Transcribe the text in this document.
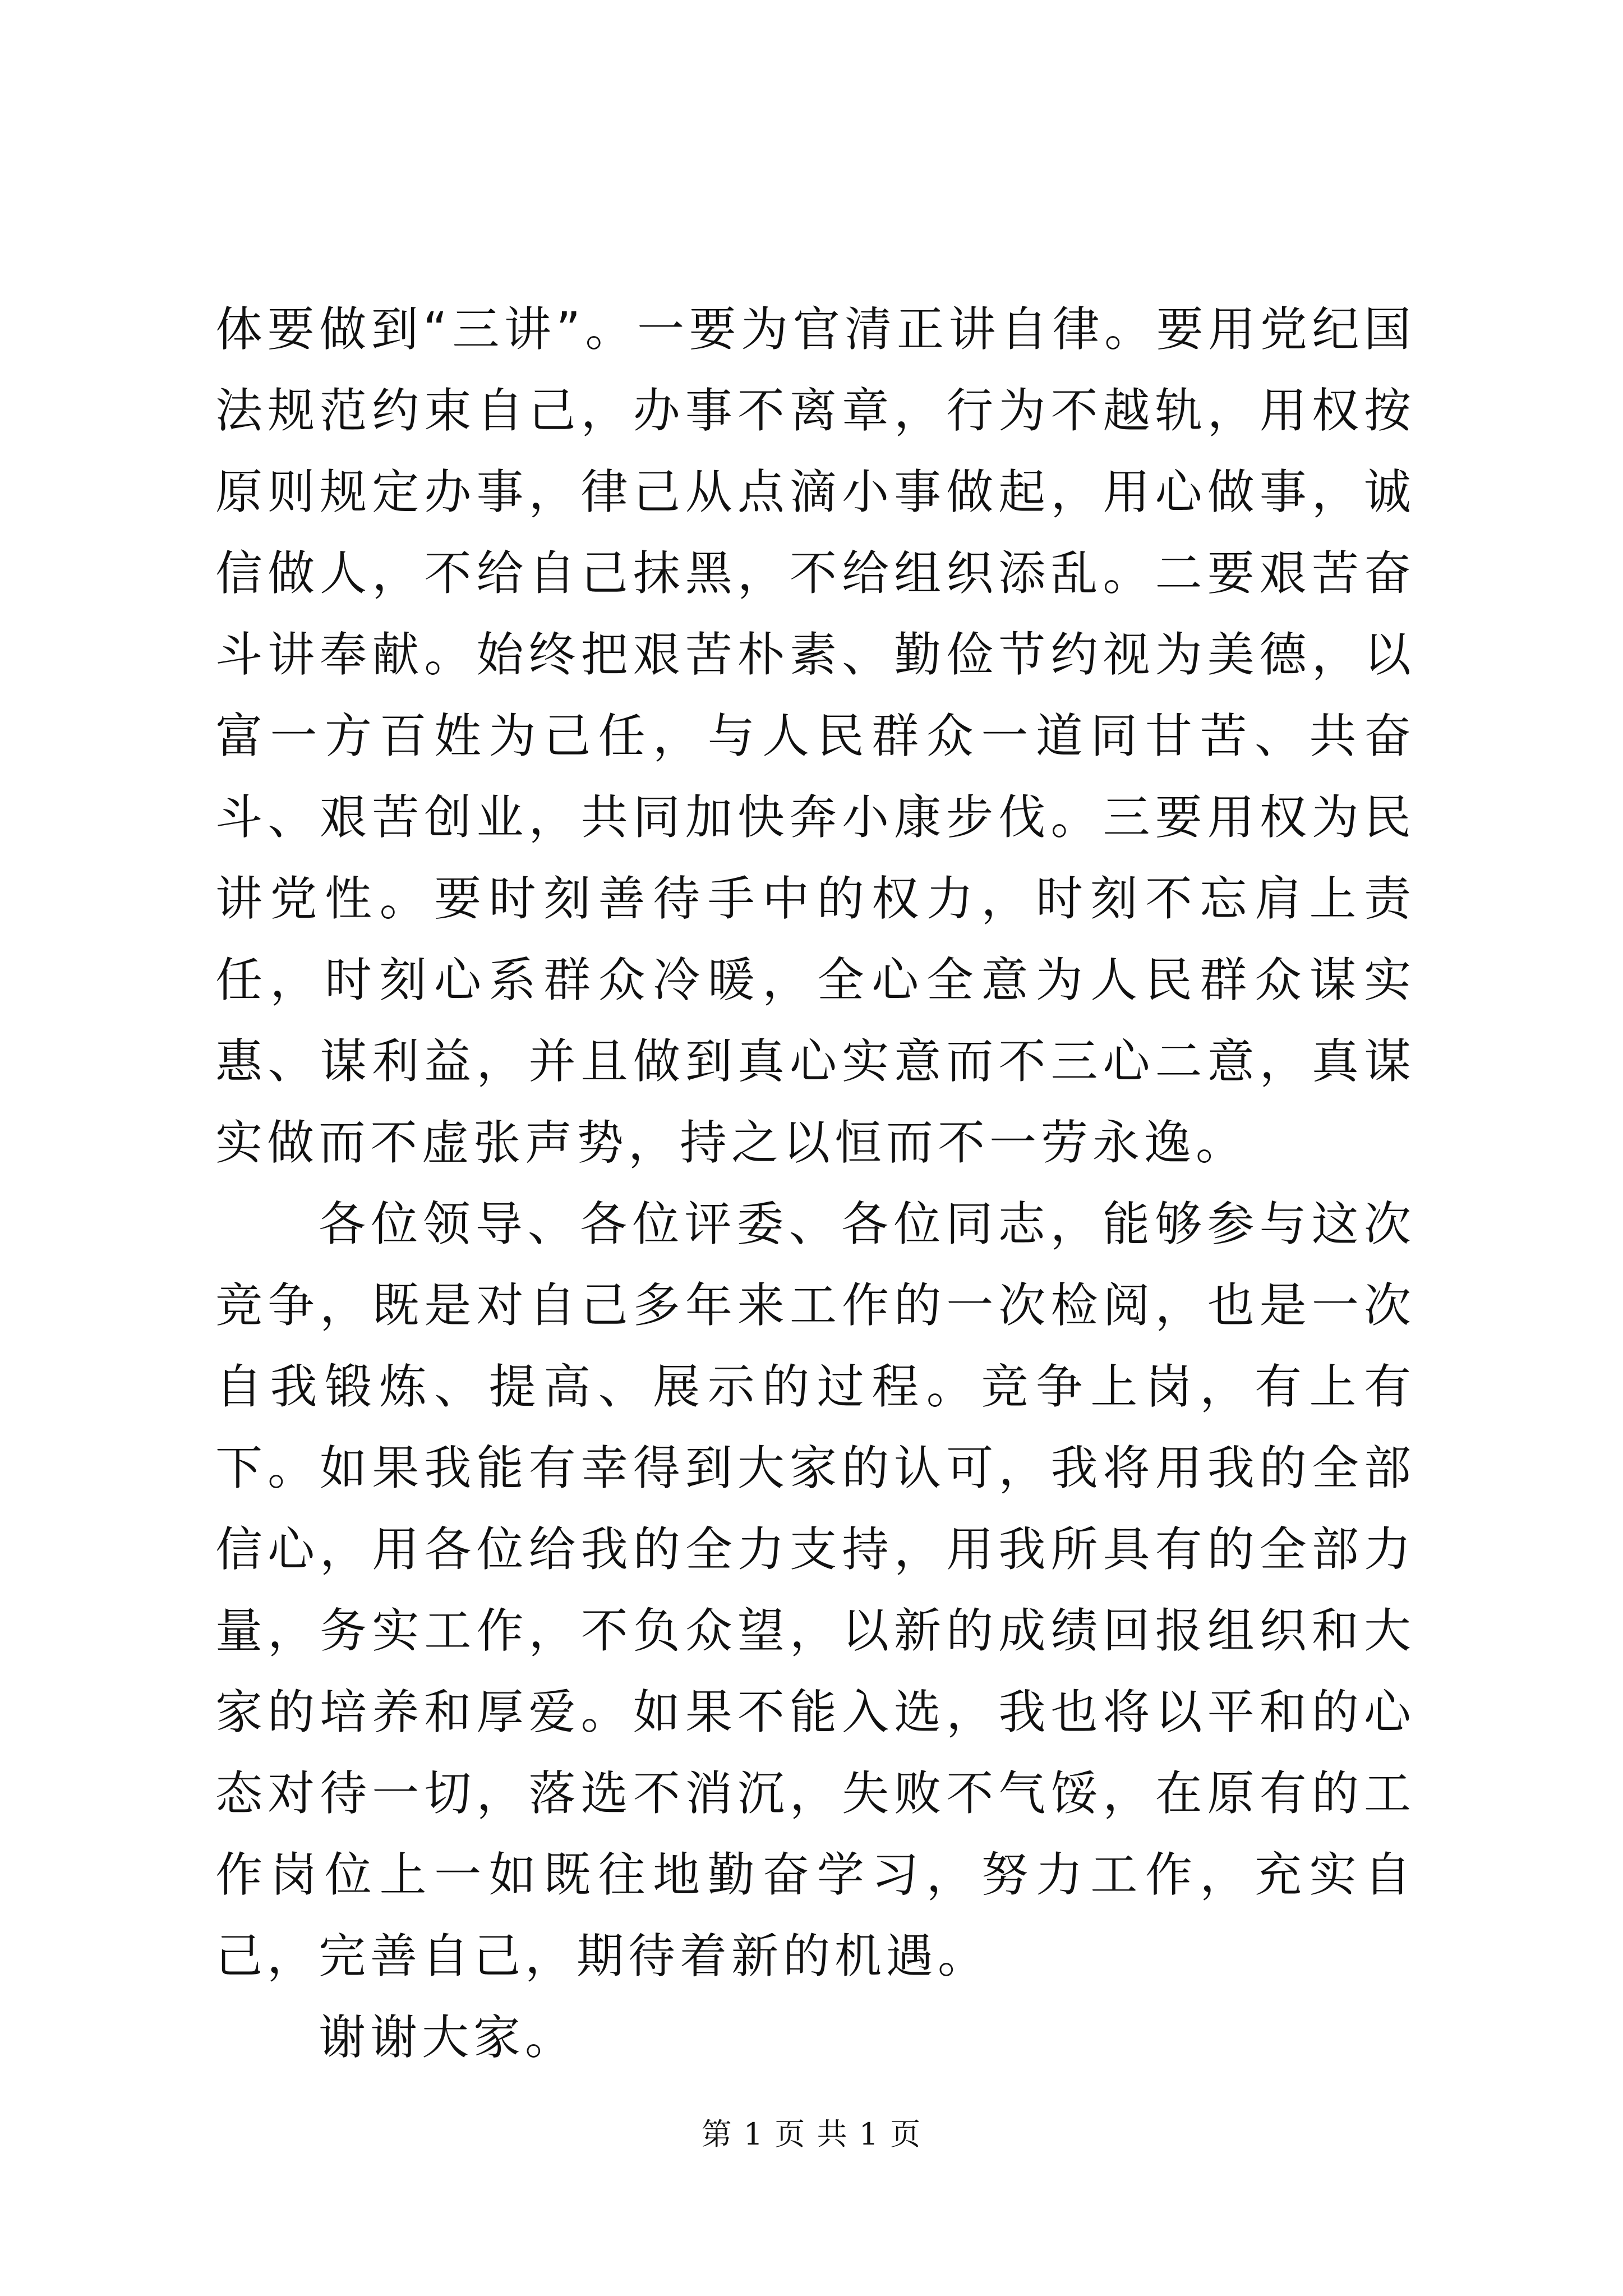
体要做到“三讲”。一要为官清正讲自律。要用党纪国法规范约束自己，办事不离章，行为不越轨，用权按原则规定办事，律己从点滴小事做起，用心做事，诚信做人，不给自己抹黑，不给组织添乱。二要艰苦奋斗讲奉献。始终把艰苦朴素、勤俭节约视为美德，以富一方百姓为己任，与人民群众一道同甘苦、共奋斗、艰苦创业，共同加快奔小康步伐。三要用权为民讲党性。要时刻善待手中的权力，时刻不忘肩上责任，时刻心系群众冷暖，全心全意为人民群众谋实惠、谋利益，并且做到真心实意而不三心二意，真谋实做而不虚张声势，持之以恒而不一劳永逸。

各位领导、各位评委、各位同志，能够参与这次竞争，既是对自己多年来工作的一次检阅，也是一次自我锻炼、提高、展示的过程。竞争上岗，有上有下。如果我能有幸得到大家的认可，我将用我的全部信心，用各位给我的全力支持，用我所具有的全部力量，务实工作，不负众望，以新的成绩回报组织和大家的培养和厚爱。如果不能入选，我也将以平和的心态对待一切，落选不消沉，失败不气馁，在原有的工作岗位上一如既往地勤奋学习，努力工作，充实自己，完善自己，期待着新的机遇。

谢谢大家。

第 1 页 共 1 页
